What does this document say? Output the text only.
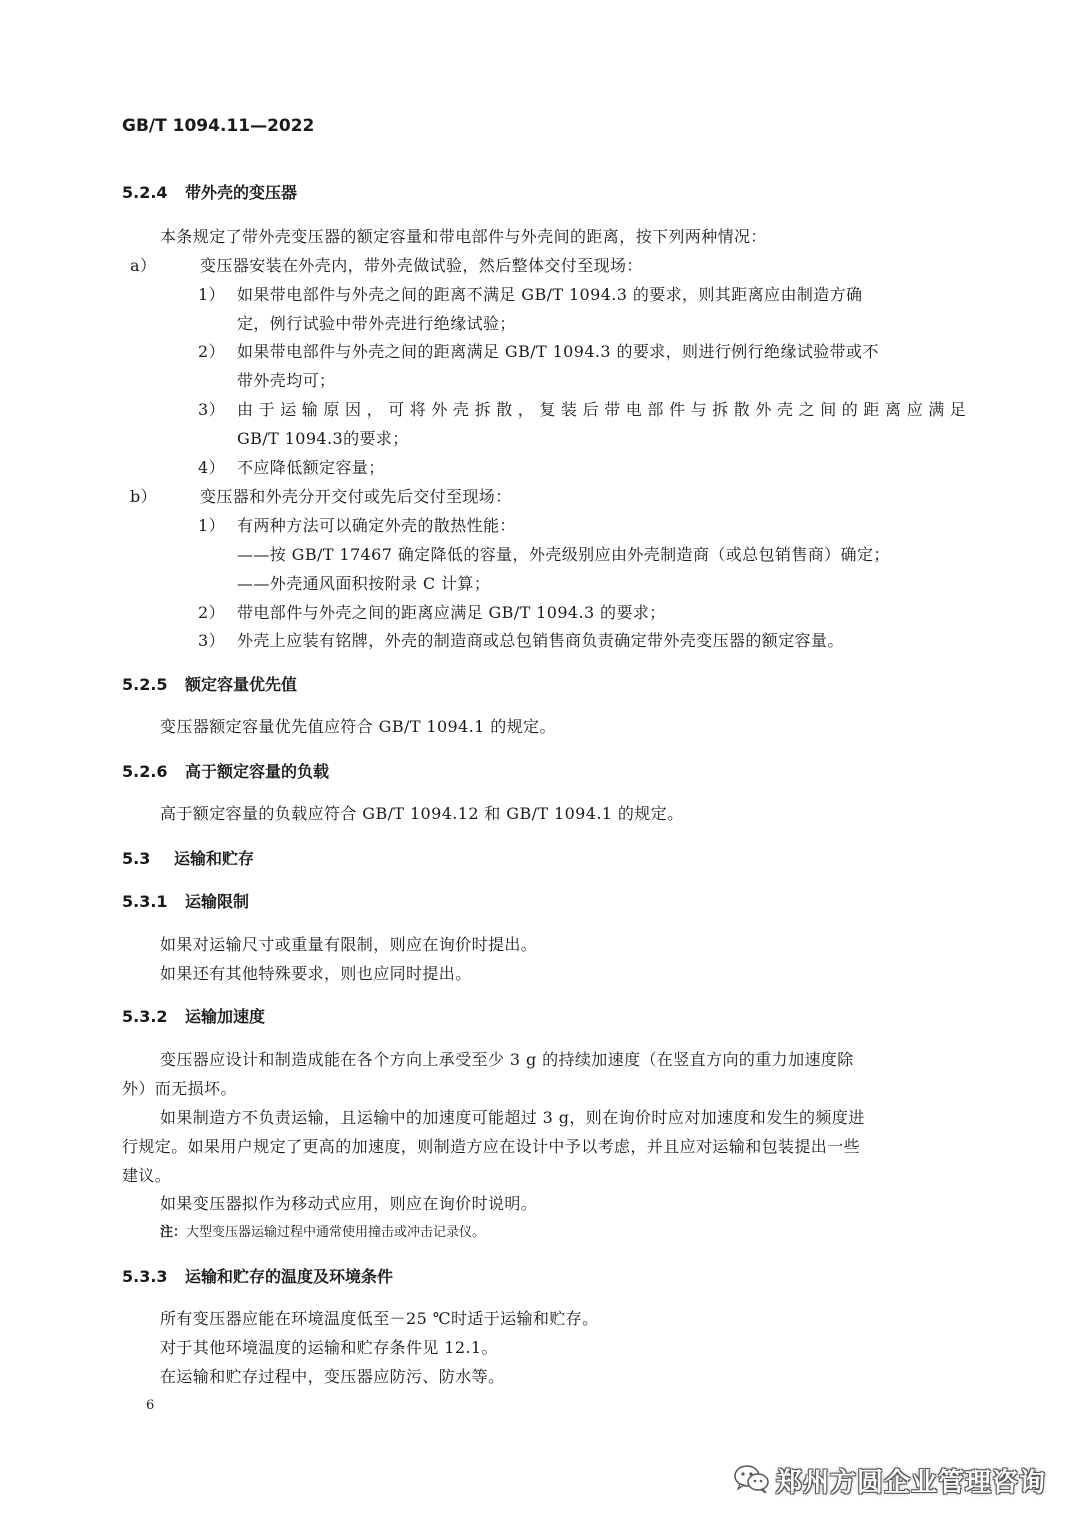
GB/T 1094.11—2022
5.2.4 带外壳的变压器
本条规定了带外壳变压器的额定容量和带电部件与外壳间的距离，按下列两种情况：
a）	变压器安装在外壳内，带外壳做试验，然后整体交付至现场：
1） 如果带电部件与外壳之间的距离不满足 GB/T 1094.3 的要求，则其距离应由制造方确
定，例行试验中带外壳进行绝缘试验；
2） 如果带电部件与外壳之间的距离满足 GB/T 1094.3 的要求，则进行例行绝缘试验带或不
带外壳均可；
3） 由于运输原因，可将外壳拆散，复装后带电部件与拆散外壳之间的距离应满足
GB/T 1094.3的要求；
4） 不应降低额定容量；
b）	变压器和外壳分开交付或先后交付至现场：
1） 有两种方法可以确定外壳的散热性能：
——按 GB/T 17467 确定降低的容量，外壳级别应由外壳制造商（或总包销售商）确定；
——外壳通风面积按附录 C 计算；
2） 带电部件与外壳之间的距离应满足 GB/T 1094.3 的要求；
3） 外壳上应装有铭牌，外壳的制造商或总包销售商负责确定带外壳变压器的额定容量。
5.2.5 额定容量优先值
变压器额定容量优先值应符合 GB/T 1094.1 的规定。
5.2.6 高于额定容量的负载
高于额定容量的负载应符合 GB/T 1094.12 和 GB/T 1094.1 的规定。
5.3 运输和贮存
5.3.1 运输限制
如果对运输尺寸或重量有限制，则应在询价时提出。
如果还有其他特殊要求，则也应同时提出。
5.3.2 运输加速度
变压器应设计和制造成能在各个方向上承受至少 3 g 的持续加速度（在竖直方向的重力加速度除
外）而无损坏。
如果制造方不负责运输，且运输中的加速度可能超过 3 g，则在询价时应对加速度和发生的频度进
行规定。如果用户规定了更高的加速度，则制造方应在设计中予以考虑，并且应对运输和包装提出一些
建议。
如果变压器拟作为移动式应用，则应在询价时说明。
注：大型变压器运输过程中通常使用撞击或冲击记录仪。
5.3.3 运输和贮存的温度及环境条件
所有变压器应能在环境温度低至－25 ℃时适于运输和贮存。
对于其他环境温度的运输和贮存条件见 12.1。
在运输和贮存过程中，变压器应防污、防水等。
6
郑州方圆企业管理咨询
